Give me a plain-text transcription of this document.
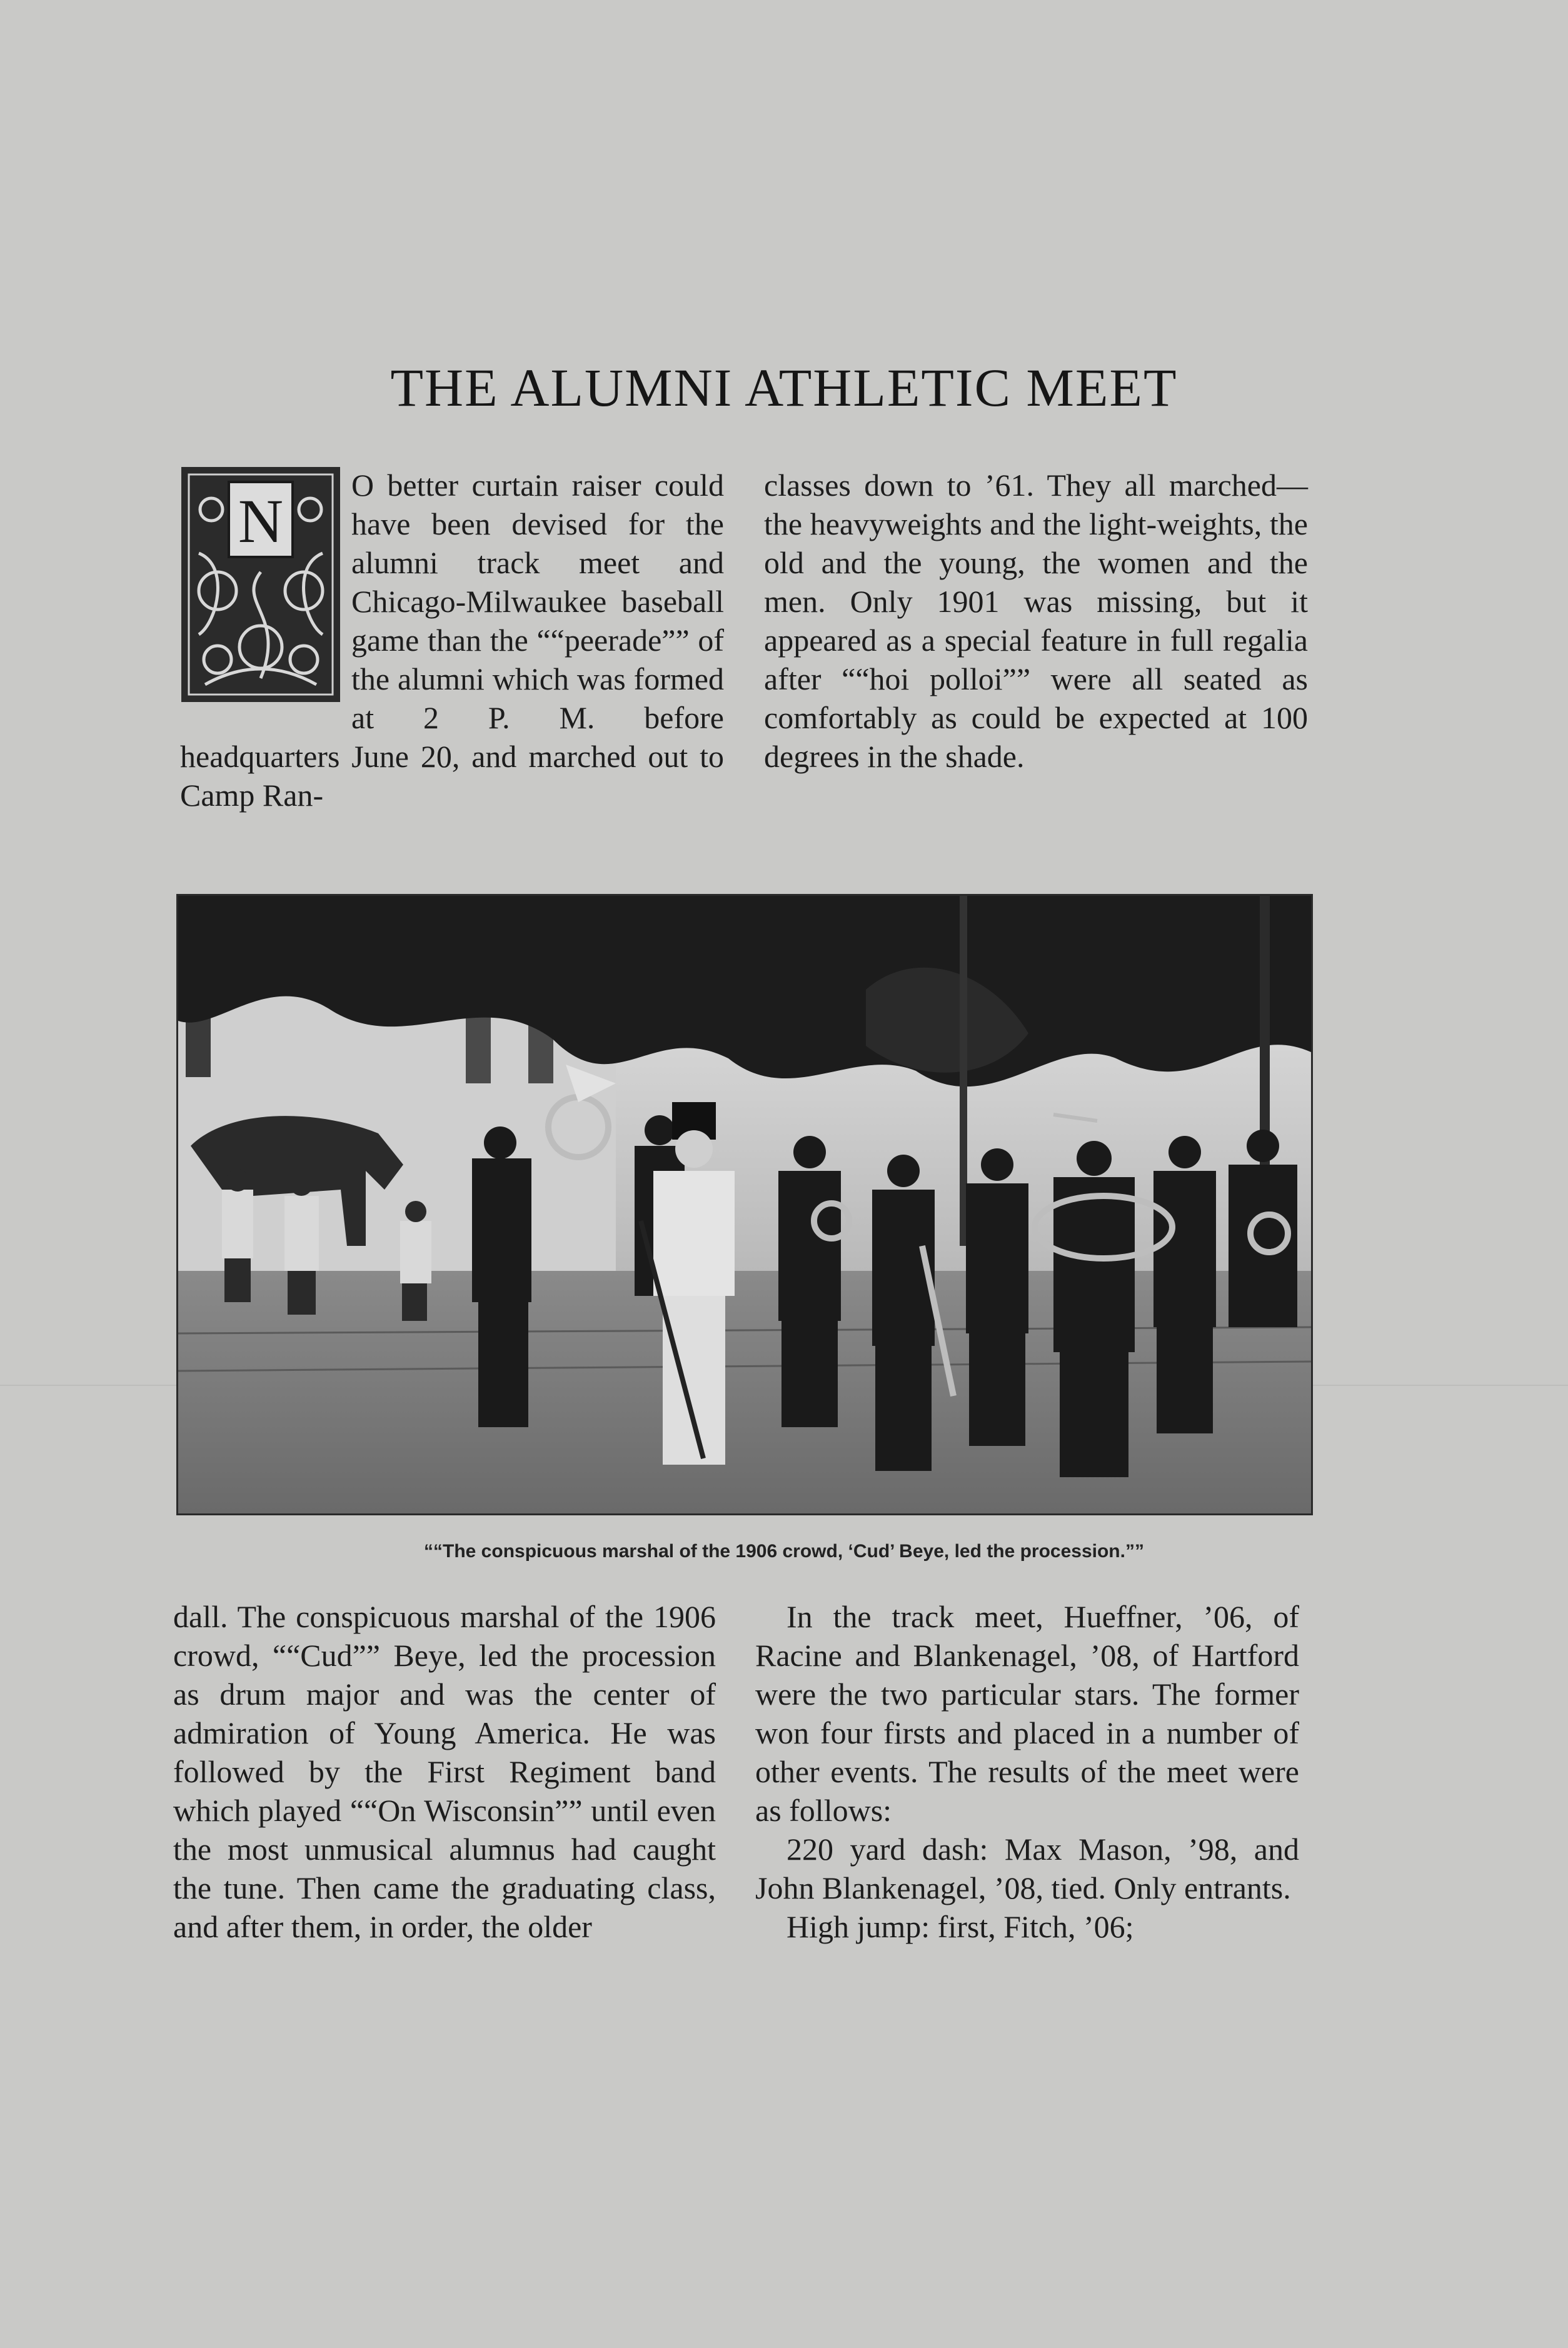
THE ALUMNI ATHLETIC MEET
N

O better curtain raiser could have been devised for the alumni track meet and Chicago-Milwaukee baseball game than the ““peerade”” of the alumni which was formed at 2 P. M. before headquarters June 20, and marched out to Camp Ran-

classes down to ’61. They all marched—the heavyweights and the light-weights, the old and the young, the women and the men. Only 1901 was missing, but it appeared as a special feature in full regalia after ““hoi polloi”” were all seated as comfortably as could be expected at 100 degrees in the shade.

““The conspicuous marshal of the 1906 crowd, ‘Cud’ Beye, led the procession.””

dall. The conspicuous marshal of the 1906 crowd, ““Cud”” Beye, led the procession as drum major and was the center of admiration of Young America. He was followed by the First Regiment band which played ““On Wisconsin”” until even the most unmusical alumnus had caught the tune. Then came the graduating class, and after them, in order, the older

In the track meet, Hueffner, ’06, of Racine and Blankenagel, ’08, of Hartford were the two particular stars. The former won four firsts and placed in a number of other events. The results of the meet were as follows:

220 yard dash: Max Mason, ’98, and John Blankenagel, ’08, tied. Only entrants.

High jump: first, Fitch, ’06;
